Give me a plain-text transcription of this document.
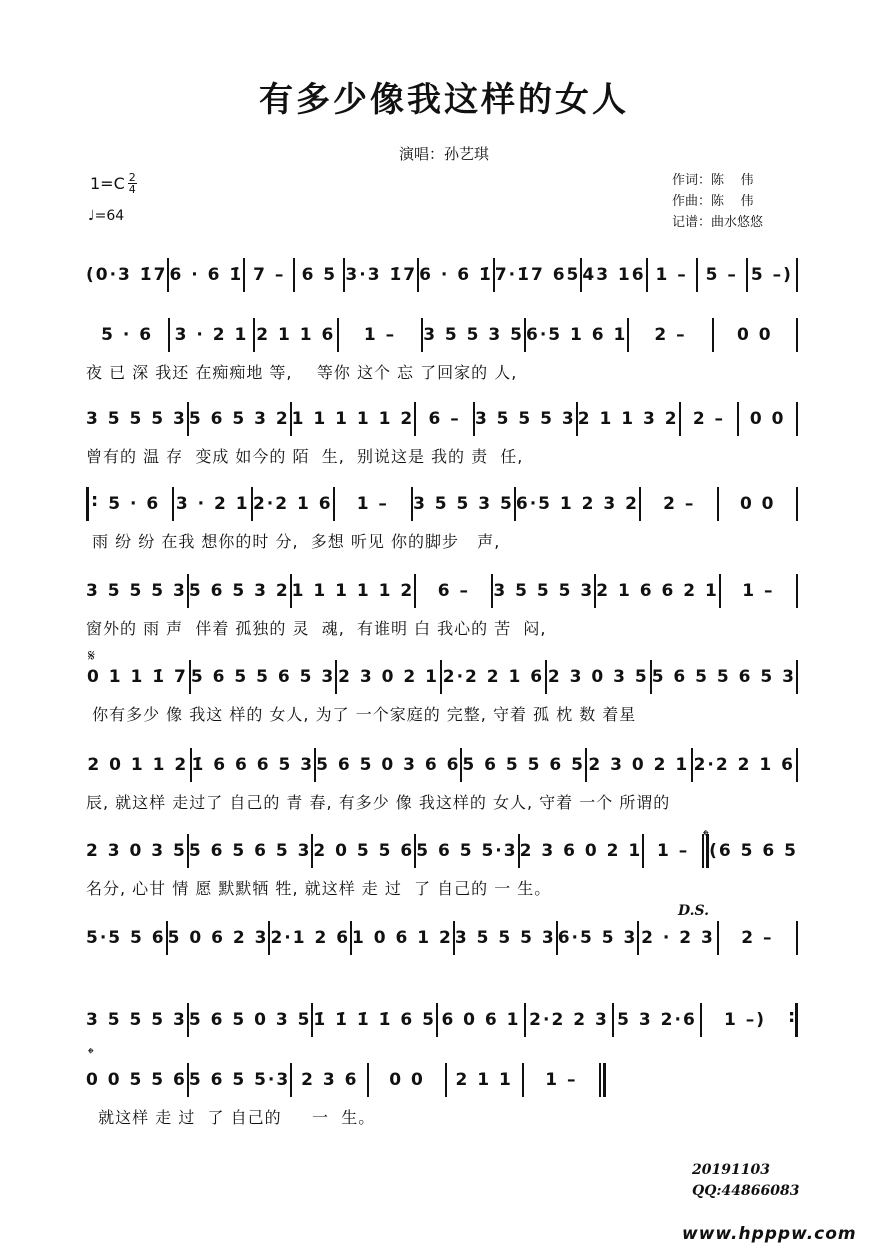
有多少像我这样的女人
演唱：孙艺琪
$1=C \frac{2}{4}$
♩=64
作词：陈    伟
作曲：陈    伟
记谱：曲水悠悠
(0·3 1̇7 6 · 6 1̇ 7 – 6 5 3·3 1̇7 6 · 6 1̇ 7·1̇7 65 43 16 1 –	5 – 5 –)
5 · 6	3 · 2 1 2 1 1 6	1 –	3 5 5 3 5 6·5 1 6 1	2 –	0 0
夜 已 深 我还 在痴痴地 等,    等你 这个 忘 了回家的 人,
3 5 5 5 3 5 6 5 3 2 1 1 1 1 1 2 6 – 3 5 5 5 3 2 1 1 3 2 2 –	0 0
曾有的 温 存  变成 如今的 陌  生,  别说这是 我的 责  任,
:
5 · 6 3 · 2 1 2·2 1 6	1 –	3 5 5 3 5 6·5 1 2 3 2	2 –	0 0
雨 纷 纷 在我 想你的时 分,  多想 听见 你的脚步   声,
3 5 5 5 3 5 6 5 3 2 1 1 1 1 1 2	6 –	3 5 5 5 3 2 1 6 6 2 1	1 –
窗外的 雨 声  伴着 孤独的 灵  魂,  有谁明 白 我心的 苦  闷,
0 1 1 1̇ 7 5 6 5 5 6 5 3 2 3 0 2 1 2·2 2 1 6 2 3 0 3 5 5 6 5 5 6 5 3
你有多少 像 我这 样的 女人, 为了 一个家庭的 完整, 守着 孤 枕 数 着星
2 0 1 1 2 1̇ 6 6 6 5 3 5 6 5 0 3 6 6 5 6 5 5 6 5 2 3 0 2 1 2·2 2 1 6
辰, 就这样 走过了 自己的 青 春, 有多少 像 我这样的 女人, 守着 一个 所谓的
2 3 0 3 5 5 6 5 6 5 3 2 0 5 5 6 5 6 5 5·3 2 3 6 0 2 1 1 –	(6 5 6 5
名分, 心甘 情 愿 默默牺 牲, 就这样 走 过  了 自己的 一 生。
5·5 5 6 5 0 6 2 3 2·1 2 6 1 0 6 1 2 3 5 5 5 3 6·5 5 3 2 · 2 3	2 –
3 5 5 5 3 5 6 5 0 3 5 1̇ 1̇ 1̇ 1̇ 6 5 6 0 6 1 2·2 2 3 5 3 2·6	1 –)
:
0 0 5 5 6 5 6 5 5·3 2 3 6	0 0	2 1 1	1 –
就这样 走 过  了 自己的     一  生。
𝄋
𝄌
D.S.
𝄌
20191103
QQ:44866083
www.hpppw.com
